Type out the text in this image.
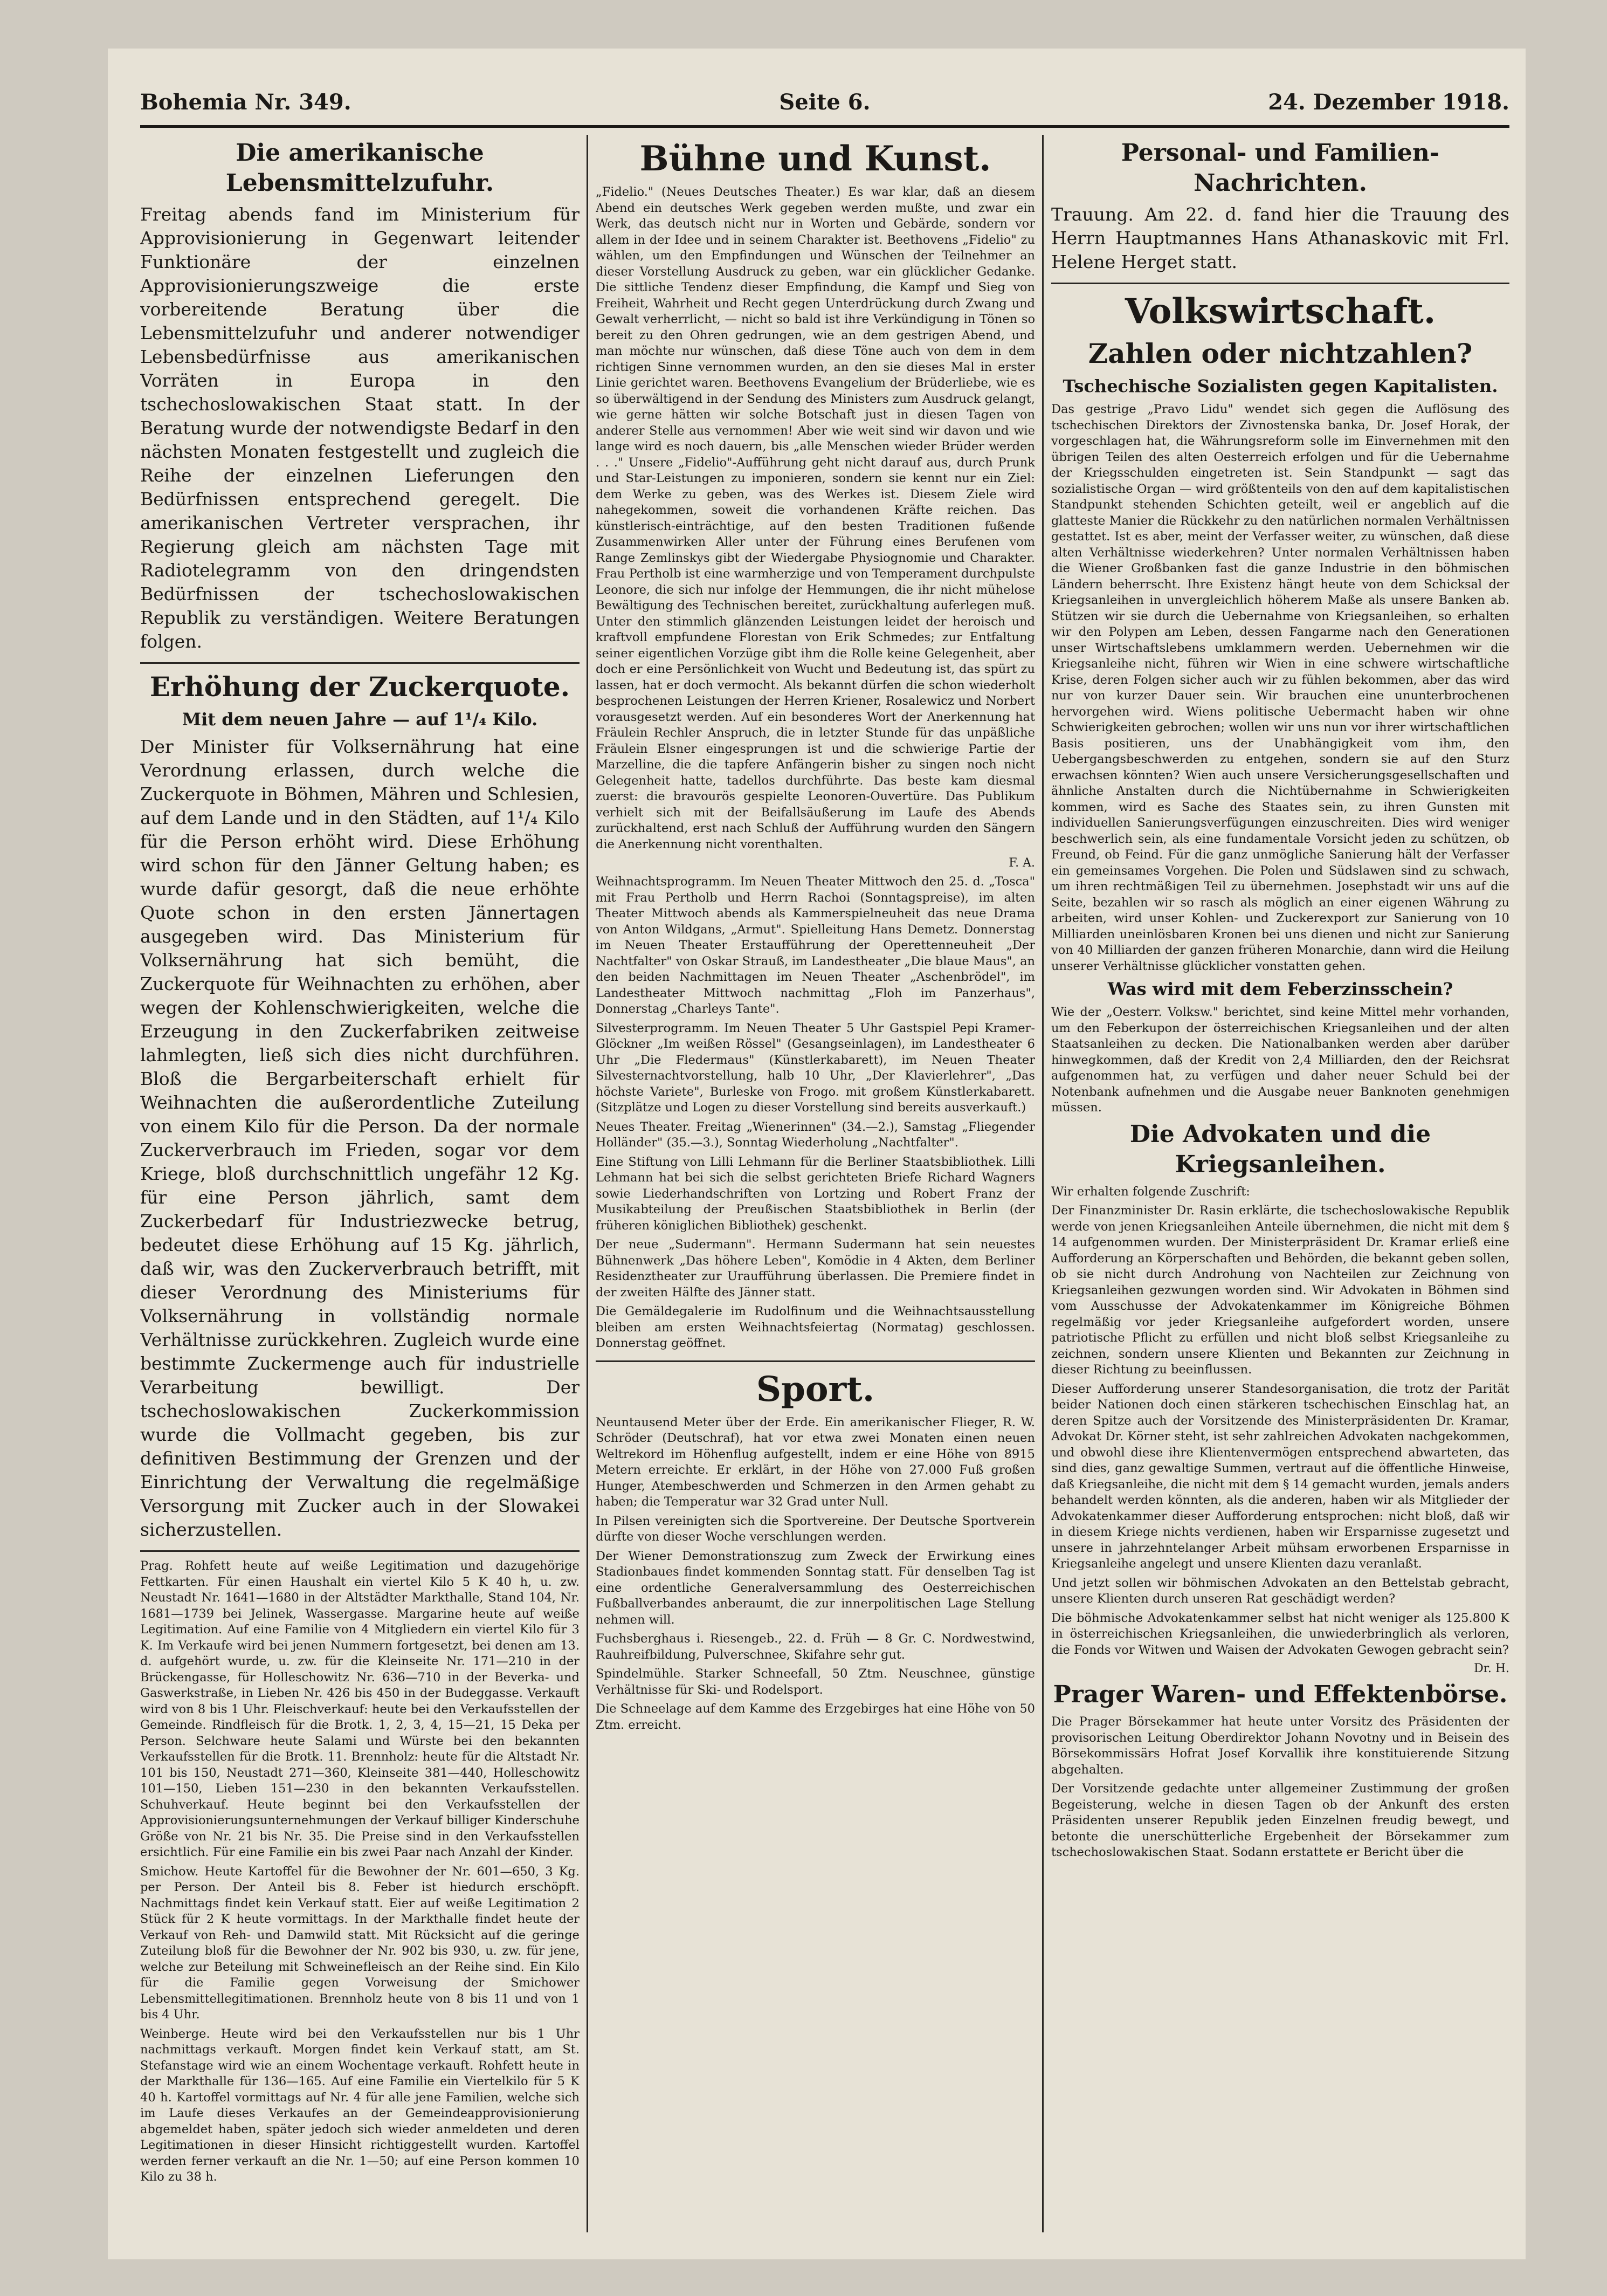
Bohemia Nr. 349.	Seite 6.	24. Dezember 1918.
Die amerikanische Lebensmittelzufuhr.

Freitag abends fand im Ministerium für Approvisionierung in Gegenwart leitender Funktionäre der einzelnen Approvisionierungszweige die erste vorbereitende Beratung über die Lebensmittelzufuhr und anderer notwendiger Lebensbedürfnisse aus amerikanischen Vorräten in Europa in den tschechoslowakischen Staat statt. In der Beratung wurde der notwendigste Bedarf in den nächsten Monaten festgestellt und zugleich die Reihe der einzelnen Lieferungen den Bedürfnissen entsprechend geregelt. Die amerikanischen Vertreter versprachen, ihr Regierung gleich am nächsten Tage mit Radiotelegramm von den dringendsten Bedürfnissen der tschechoslowakischen Republik zu verständigen. Weitere Beratungen folgen.

Erhöhung der Zuckerquote.
Mit dem neuen Jahre — auf 1¹/₄ Kilo.

Der Minister für Volksernährung hat eine Verordnung erlassen, durch welche die Zuckerquote in Böhmen, Mähren und Schlesien, auf dem Lande und in den Städten, auf 1¹/₄ Kilo für die Person erhöht wird. Diese Erhöhung wird schon für den Jänner Geltung haben; es wurde dafür gesorgt, daß die neue erhöhte Quote schon in den ersten Jännertagen ausgegeben wird. Das Ministerium für Volksernährung hat sich bemüht, die Zuckerquote für Weihnachten zu erhöhen, aber wegen der Kohlenschwierigkeiten, welche die Erzeugung in den Zuckerfabriken zeitweise lahmlegten, ließ sich dies nicht durchführen. Bloß die Bergarbeiterschaft erhielt für Weihnachten die außerordentliche Zuteilung von einem Kilo für die Person. Da der normale Zuckerverbrauch im Frieden, sogar vor dem Kriege, bloß durchschnittlich ungefähr 12 Kg. für eine Person jährlich, samt dem Zuckerbedarf für Industriezwecke betrug, bedeutet diese Erhöhung auf 15 Kg. jährlich, daß wir, was den Zuckerverbrauch betrifft, mit dieser Verordnung des Ministeriums für Volksernährung in vollständig normale Verhältnisse zurückkehren. Zugleich wurde eine bestimmte Zuckermenge auch für industrielle Verarbeitung bewilligt. Der tschechoslowakischen Zuckerkommission wurde die Vollmacht gegeben, bis zur definitiven Bestimmung der Grenzen und der Einrichtung der Verwaltung die regelmäßige Versorgung mit Zucker auch in der Slowakei sicherzustellen.

Prag. Rohfett heute auf weiße Legitimation und dazugehörige Fettkarten. Für einen Haushalt ein viertel Kilo 5 K 40 h, u. zw. Neustadt Nr. 1641—1680 in der Altstädter Markthalle, Stand 104, Nr. 1681—1739 bei Jelinek, Wassergasse. Margarine heute auf weiße Legitimation. Auf eine Familie von 4 Mitgliedern ein viertel Kilo für 3 K. Im Verkaufe wird bei jenen Nummern fortgesetzt, bei denen am 13. d. aufgehört wurde, u. zw. für die Kleinseite Nr. 171—210 in der Brückengasse, für Holleschowitz Nr. 636—710 in der Beverka- und Gaswerkstraße, in Lieben Nr. 426 bis 450 in der Budeggasse. Verkauft wird von 8 bis 1 Uhr. Fleischverkauf: heute bei den Verkaufsstellen der Gemeinde. Rindfleisch für die Brotk. 1, 2, 3, 4, 15—21, 15 Deka per Person. Selchware heute Salami und Würste bei den bekannten Verkaufsstellen für die Brotk. 11. Brennholz: heute für die Altstadt Nr. 101 bis 150, Neustadt 271—360, Kleinseite 381—440, Holleschowitz 101—150, Lieben 151—230 in den bekannten Verkaufsstellen. Schuhverkauf. Heute beginnt bei den Verkaufsstellen der Approvisionierungsunternehmungen der Verkauf billiger Kinderschuhe Größe von Nr. 21 bis Nr. 35. Die Preise sind in den Verkaufsstellen ersichtlich. Für eine Familie ein bis zwei Paar nach Anzahl der Kinder.

Smichow. Heute Kartoffel für die Bewohner der Nr. 601—650, 3 Kg. per Person. Der Anteil bis 8. Feber ist hiedurch erschöpft. Nachmittags findet kein Verkauf statt. Eier auf weiße Legitimation 2 Stück für 2 K heute vormittags. In der Markthalle findet heute der Verkauf von Reh- und Damwild statt. Mit Rücksicht auf die geringe Zuteilung bloß für die Bewohner der Nr. 902 bis 930, u. zw. für jene, welche zur Beteilung mit Schweinefleisch an der Reihe sind. Ein Kilo für die Familie gegen Vorweisung der Smichower Lebensmittellegitimationen. Brennholz heute von 8 bis 11 und von 1 bis 4 Uhr.

Weinberge. Heute wird bei den Verkaufsstellen nur bis 1 Uhr nachmittags verkauft. Morgen findet kein Verkauf statt, am St. Stefanstage wird wie an einem Wochentage verkauft. Rohfett heute in der Markthalle für 136—165. Auf eine Familie ein Viertelkilo für 5 K 40 h. Kartoffel vormittags auf Nr. 4 für alle jene Familien, welche sich im Laufe dieses Verkaufes an der Gemeindeapprovisionierung abgemeldet haben, später jedoch sich wieder anmeldeten und deren Legitimationen in dieser Hinsicht richtiggestellt wurden. Kartoffel werden ferner verkauft an die Nr. 1—50; auf eine Person kommen 10 Kilo zu 38 h.

Bühne und Kunst.

„Fidelio." (Neues Deutsches Theater.) Es war klar, daß an diesem Abend ein deutsches Werk gegeben werden mußte, und zwar ein Werk, das deutsch nicht nur in Worten und Gebärde, sondern vor allem in der Idee und in seinem Charakter ist. Beethovens „Fidelio" zu wählen, um den Empfindungen und Wünschen der Teilnehmer an dieser Vorstellung Ausdruck zu geben, war ein glücklicher Gedanke. Die sittliche Tendenz dieser Empfindung, die Kampf und Sieg von Freiheit, Wahrheit und Recht gegen Unterdrückung durch Zwang und Gewalt verherrlicht, — nicht so bald ist ihre Verkündigung in Tönen so bereit zu den Ohren gedrungen, wie an dem gestrigen Abend, und man möchte nur wünschen, daß diese Töne auch von dem in dem richtigen Sinne vernommen wurden, an den sie dieses Mal in erster Linie gerichtet waren. Beethovens Evangelium der Brüderliebe, wie es so überwältigend in der Sendung des Ministers zum Ausdruck gelangt, wie gerne hätten wir solche Botschaft just in diesen Tagen von anderer Stelle aus vernommen! Aber wie weit sind wir davon und wie lange wird es noch dauern, bis „alle Menschen wieder Brüder werden . . ." Unsere „Fidelio"-Aufführung geht nicht darauf aus, durch Prunk und Star-Leistungen zu imponieren, sondern sie kennt nur ein Ziel: dem Werke zu geben, was des Werkes ist. Diesem Ziele wird nahegekommen, soweit die vorhandenen Kräfte reichen. Das künstlerisch-einträchtige, auf den besten Traditionen fußende Zusammenwirken Aller unter der Führung eines Berufenen vom Range Zemlinskys gibt der Wiedergabe Physiognomie und Charakter. Frau Pertholb ist eine warmherzige und von Temperament durchpulste Leonore, die sich nur infolge der Hemmungen, die ihr nicht mühelose Bewältigung des Technischen bereitet, zurückhaltung auferlegen muß. Unter den stimmlich glänzenden Leistungen leidet der heroisch und kraftvoll empfundene Florestan von Erik Schmedes; zur Entfaltung seiner eigentlichen Vorzüge gibt ihm die Rolle keine Gelegenheit, aber doch er eine Persönlichkeit von Wucht und Bedeutung ist, das spürt zu lassen, hat er doch vermocht. Als bekannt dürfen die schon wiederholt besprochenen Leistungen der Herren Kriener, Rosalewicz und Norbert vorausgesetzt werden. Auf ein besonderes Wort der Anerkennung hat Fräulein Rechler Anspruch, die in letzter Stunde für das unpäßliche Fräulein Elsner eingesprungen ist und die schwierige Partie der Marzelline, die die tapfere Anfängerin bisher zu singen noch nicht Gelegenheit hatte, tadellos durchführte. Das beste kam diesmal zuerst: die bravourös gespielte Leonoren-Ouvertüre. Das Publikum verhielt sich mit der Beifallsäußerung im Laufe des Abends zurückhaltend, erst nach Schluß der Aufführung wurden den Sängern die Anerkennung nicht vorenthalten.

F. A.

Weihnachtsprogramm. Im Neuen Theater Mittwoch den 25. d. „Tosca" mit Frau Pertholb und Herrn Rachoi (Sonntagspreise), im alten Theater Mittwoch abends als Kammerspielneuheit das neue Drama von Anton Wildgans, „Armut". Spielleitung Hans Demetz. Donnerstag im Neuen Theater Erstaufführung der Operettenneuheit „Der Nachtfalter" von Oskar Strauß, im Landestheater „Die blaue Maus", an den beiden Nachmittagen im Neuen Theater „Aschenbrödel", im Landestheater Mittwoch nachmittag „Floh im Panzerhaus", Donnerstag „Charleys Tante".

Silvesterprogramm. Im Neuen Theater 5 Uhr Gastspiel Pepi Kramer-Glöckner „Im weißen Rössel" (Gesangseinlagen), im Landestheater 6 Uhr „Die Fledermaus" (Künstlerkabarett), im Neuen Theater Silvesternachtvorstellung, halb 10 Uhr, „Der Klavierlehrer", „Das höchste Variete", Burleske von Frogo. mit großem Künstlerkabarett. (Sitzplätze und Logen zu dieser Vorstellung sind bereits ausverkauft.)

Neues Theater. Freitag „Wienerinnen" (34.—2.), Samstag „Fliegender Holländer" (35.—3.), Sonntag Wiederholung „Nachtfalter".

Eine Stiftung von Lilli Lehmann für die Berliner Staatsbibliothek. Lilli Lehmann hat bei sich die selbst gerichteten Briefe Richard Wagners sowie Liederhandschriften von Lortzing und Robert Franz der Musikabteilung der Preußischen Staatsbibliothek in Berlin (der früheren königlichen Bibliothek) geschenkt.

Der neue „Sudermann". Hermann Sudermann hat sein neuestes Bühnenwerk „Das höhere Leben", Komödie in 4 Akten, dem Berliner Residenztheater zur Uraufführung überlassen. Die Premiere findet in der zweiten Hälfte des Jänner statt.

Die Gemäldegalerie im Rudolfinum und die Weihnachtsausstellung bleiben am ersten Weihnachtsfeiertag (Normatag) geschlossen. Donnerstag geöffnet.

Sport.

Neuntausend Meter über der Erde. Ein amerikanischer Flieger, R. W. Schröder (Deutschraf), hat vor etwa zwei Monaten einen neuen Weltrekord im Höhenflug aufgestellt, indem er eine Höhe von 8915 Metern erreichte. Er erklärt, in der Höhe von 27.000 Fuß großen Hunger, Atembeschwerden und Schmerzen in den Armen gehabt zu haben; die Temperatur war 32 Grad unter Null.

In Pilsen vereinigten sich die Sportvereine. Der Deutsche Sportverein dürfte von dieser Woche verschlungen werden.

Der Wiener Demonstrationszug zum Zweck der Erwirkung eines Stadionbaues findet kommenden Sonntag statt. Für denselben Tag ist eine ordentliche Generalversammlung des Oesterreichischen Fußballverbandes anberaumt, die zur innerpolitischen Lage Stellung nehmen will.

Fuchsberghaus i. Riesengeb., 22. d. Früh — 8 Gr. C. Nordwestwind, Rauhreifbildung, Pulverschnee, Skifahre sehr gut.

Spindelmühle. Starker Schneefall, 50 Ztm. Neuschnee, günstige Verhältnisse für Ski- und Rodelsport.

Die Schneelage auf dem Kamme des Erzgebirges hat eine Höhe von 50 Ztm. erreicht.

Personal- und Familien-Nachrichten.

Trauung. Am 22. d. fand hier die Trauung des Herrn Hauptmannes Hans Athanaskovic mit Frl. Helene Herget statt.

Volkswirtschaft.
Zahlen oder nichtzahlen?
Tschechische Sozialisten gegen Kapitalisten.

Das gestrige „Pravo Lidu" wendet sich gegen die Auflösung des tschechischen Direktors der Zivnostenska banka, Dr. Josef Horak, der vorgeschlagen hat, die Währungsreform solle im Einvernehmen mit den übrigen Teilen des alten Oesterreich erfolgen und für die Uebernahme der Kriegsschulden eingetreten ist. Sein Standpunkt — sagt das sozialistische Organ — wird größtenteils von den auf dem kapitalistischen Standpunkt stehenden Schichten geteilt, weil er angeblich auf die glatteste Manier die Rückkehr zu den natürlichen normalen Verhältnissen gestattet. Ist es aber, meint der Verfasser weiter, zu wünschen, daß diese alten Verhältnisse wiederkehren? Unter normalen Verhältnissen haben die Wiener Großbanken fast die ganze Industrie in den böhmischen Ländern beherrscht. Ihre Existenz hängt heute von dem Schicksal der Kriegsanleihen in unvergleichlich höherem Maße als unsere Banken ab. Stützen wir sie durch die Uebernahme von Kriegsanleihen, so erhalten wir den Polypen am Leben, dessen Fangarme nach den Generationen unser Wirtschaftslebens umklammern werden. Uebernehmen wir die Kriegsanleihe nicht, führen wir Wien in eine schwere wirtschaftliche Krise, deren Folgen sicher auch wir zu fühlen bekommen, aber das wird nur von kurzer Dauer sein. Wir brauchen eine ununterbrochenen hervorgehen wird. Wiens politische Uebermacht haben wir ohne Schwierigkeiten gebrochen; wollen wir uns nun vor ihrer wirtschaftlichen Basis positieren, uns der Unabhängigkeit vom ihm, den Uebergangsbeschwerden zu entgehen, sondern sie auf den Sturz erwachsen könnten? Wien auch unsere Versicherungsgesellschaften und ähnliche Anstalten durch die Nichtübernahme in Schwierigkeiten kommen, wird es Sache des Staates sein, zu ihren Gunsten mit individuellen Sanierungsverfügungen einzuschreiten. Dies wird weniger beschwerlich sein, als eine fundamentale Vorsicht jeden zu schützen, ob Freund, ob Feind. Für die ganz unmögliche Sanierung hält der Verfasser ein gemeinsames Vorgehen. Die Polen und Südslawen sind zu schwach, um ihren rechtmäßigen Teil zu übernehmen. Josephstadt wir uns auf die Seite, bezahlen wir so rasch als möglich an einer eigenen Währung zu arbeiten, wird unser Kohlen- und Zuckerexport zur Sanierung von 10 Milliarden uneinlösbaren Kronen bei uns dienen und nicht zur Sanierung von 40 Milliarden der ganzen früheren Monarchie, dann wird die Heilung unserer Verhältnisse glücklicher vonstatten gehen.

Was wird mit dem Feberzinsschein?

Wie der „Oesterr. Volksw." berichtet, sind keine Mittel mehr vorhanden, um den Feberkupon der österreichischen Kriegsanleihen und der alten Staatsanleihen zu decken. Die Nationalbanken werden aber darüber hinwegkommen, daß der Kredit von 2,4 Milliarden, den der Reichsrat aufgenommen hat, zu verfügen und daher neuer Schuld bei der Notenbank aufnehmen und die Ausgabe neuer Banknoten genehmigen müssen.

Die Advokaten und die Kriegsanleihen.

Wir erhalten folgende Zuschrift:

Der Finanzminister Dr. Rasin erklärte, die tschechoslowakische Republik werde von jenen Kriegsanleihen Anteile übernehmen, die nicht mit dem § 14 aufgenommen wurden. Der Ministerpräsident Dr. Kramar erließ eine Aufforderung an Körperschaften und Behörden, die bekannt geben sollen, ob sie nicht durch Androhung von Nachteilen zur Zeichnung von Kriegsanleihen gezwungen worden sind. Wir Advokaten in Böhmen sind vom Ausschusse der Advokatenkammer im Königreiche Böhmen regelmäßig vor jeder Kriegsanleihe aufgefordert worden, unsere patriotische Pflicht zu erfüllen und nicht bloß selbst Kriegsanleihe zu zeichnen, sondern unsere Klienten und Bekannten zur Zeichnung in dieser Richtung zu beeinflussen.

Dieser Aufforderung unserer Standesorganisation, die trotz der Parität beider Nationen doch einen stärkeren tschechischen Einschlag hat, an deren Spitze auch der Vorsitzende des Ministerpräsidenten Dr. Kramar, Advokat Dr. Körner steht, ist sehr zahlreichen Advokaten nachgekommen, und obwohl diese ihre Klientenvermögen entsprechend abwarteten, das sind dies, ganz gewaltige Summen, vertraut auf die öffentliche Hinweise, daß Kriegsanleihe, die nicht mit dem § 14 gemacht wurden, jemals anders behandelt werden könnten, als die anderen, haben wir als Mitglieder der Advokatenkammer dieser Aufforderung entsprochen: nicht bloß, daß wir in diesem Kriege nichts verdienen, haben wir Ersparnisse zugesetzt und unsere in jahrzehntelanger Arbeit mühsam erworbenen Ersparnisse in Kriegsanleihe angelegt und unsere Klienten dazu veranlaßt.

Und jetzt sollen wir böhmischen Advokaten an den Bettelstab gebracht, unsere Klienten durch unseren Rat geschädigt werden?

Die böhmische Advokatenkammer selbst hat nicht weniger als 125.800 K in österreichischen Kriegsanleihen, die unwiederbringlich als verloren, die Fonds vor Witwen und Waisen der Advokaten Gewogen gebracht sein?

Dr. H.
Prager Waren- und Effektenbörse.

Die Prager Börsekammer hat heute unter Vorsitz des Präsidenten der provisorischen Leitung Oberdirektor Johann Novotny und in Beisein des Börsekommissärs Hofrat Josef Korvallik ihre konstituierende Sitzung abgehalten.

Der Vorsitzende gedachte unter allgemeiner Zustimmung der großen Begeisterung, welche in diesen Tagen ob der Ankunft des ersten Präsidenten unserer Republik jeden Einzelnen freudig bewegt, und betonte die unerschütterliche Ergebenheit der Börsekammer zum tschechoslowakischen Staat. Sodann erstattete er Bericht über die
